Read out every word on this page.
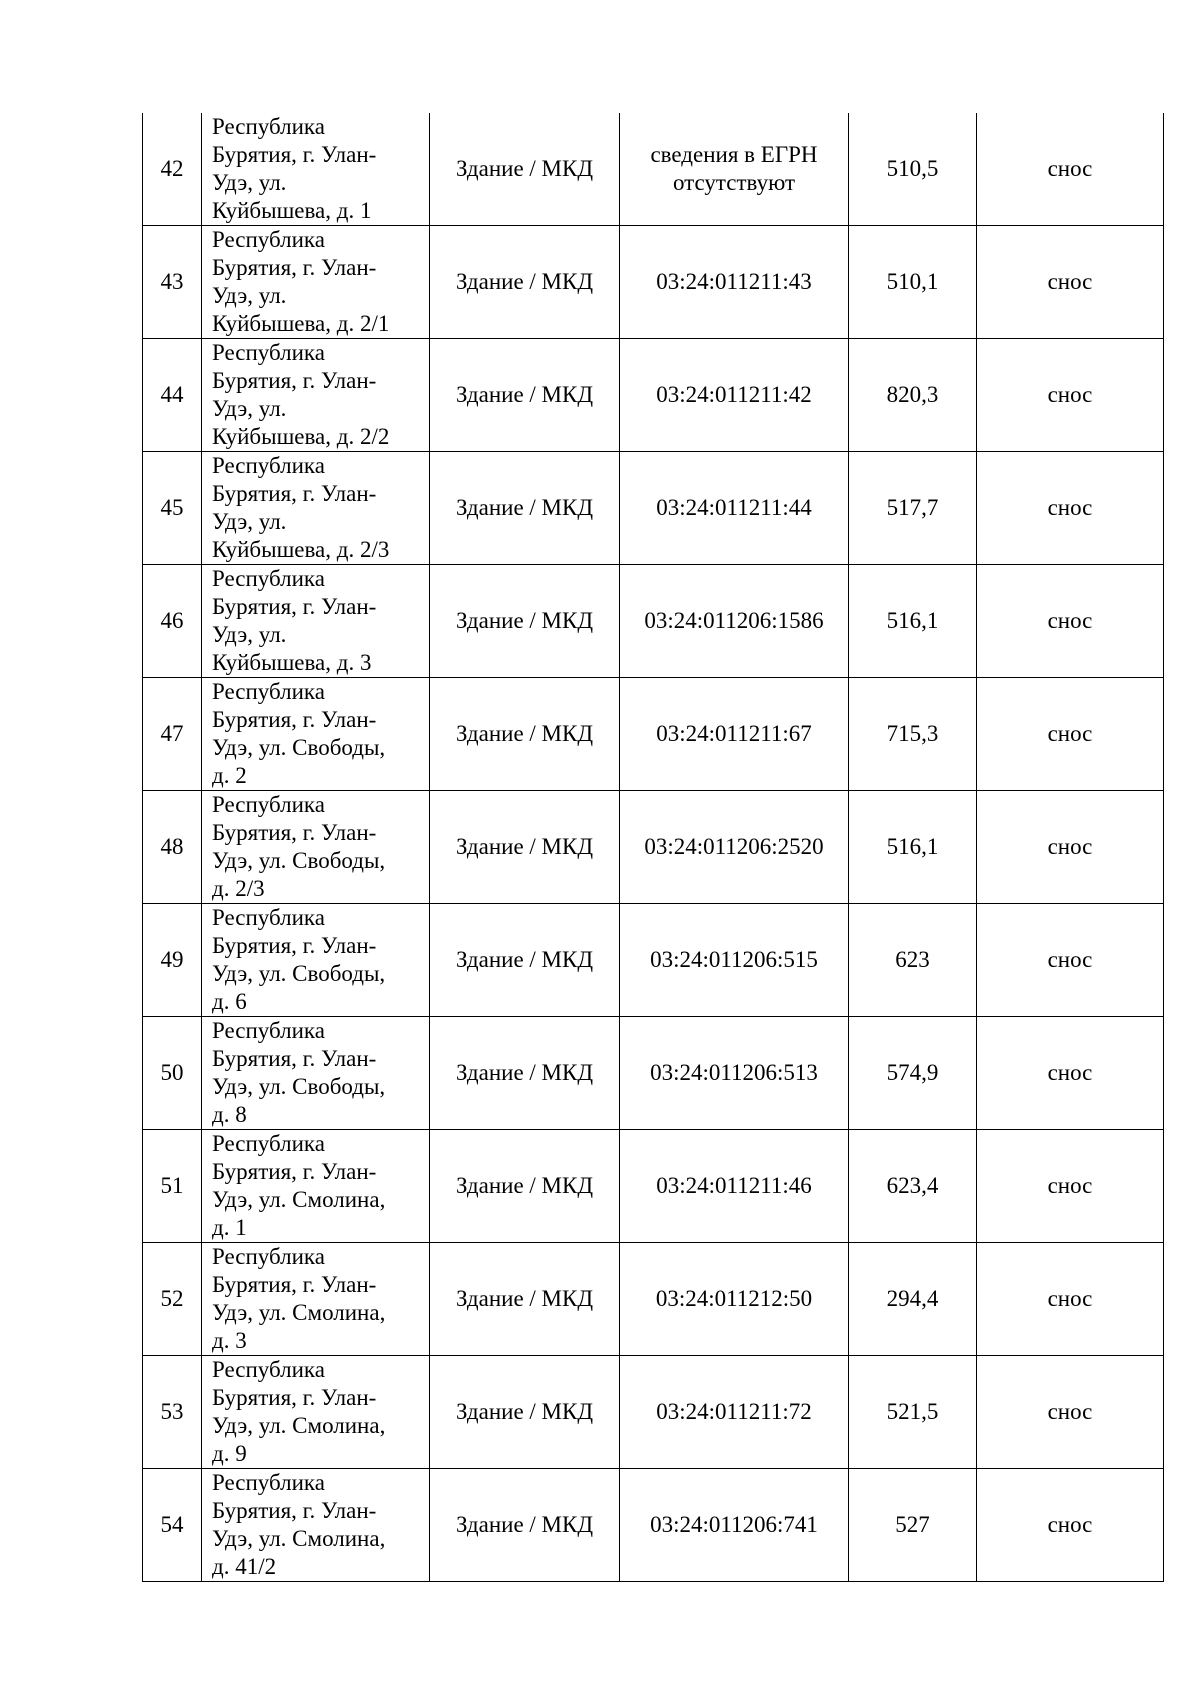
42	Республика
Бурятия, г. Улан-
Удэ, ул.
Куйбышева, д. 1	Здание / МКД	сведения в ЕГРН
отсутствуют	510,5	снос
43	Республика
Бурятия, г. Улан-
Удэ, ул.
Куйбышева, д. 2/1	Здание / МКД	03:24:011211:43	510,1	снос
44	Республика
Бурятия, г. Улан-
Удэ, ул.
Куйбышева, д. 2/2	Здание / МКД	03:24:011211:42	820,3	снос
45	Республика
Бурятия, г. Улан-
Удэ, ул.
Куйбышева, д. 2/3	Здание / МКД	03:24:011211:44	517,7	снос
46	Республика
Бурятия, г. Улан-
Удэ, ул.
Куйбышева, д. 3	Здание / МКД	03:24:011206:1586	516,1	снос
47	Республика
Бурятия, г. Улан-
Удэ, ул. Свободы,
д. 2	Здание / МКД	03:24:011211:67	715,3	снос
48	Республика
Бурятия, г. Улан-
Удэ, ул. Свободы,
д. 2/3	Здание / МКД	03:24:011206:2520	516,1	снос
49	Республика
Бурятия, г. Улан-
Удэ, ул. Свободы,
д. 6	Здание / МКД	03:24:011206:515	623	снос
50	Республика
Бурятия, г. Улан-
Удэ, ул. Свободы,
д. 8	Здание / МКД	03:24:011206:513	574,9	снос
51	Республика
Бурятия, г. Улан-
Удэ, ул. Смолина,
д. 1	Здание / МКД	03:24:011211:46	623,4	снос
52	Республика
Бурятия, г. Улан-
Удэ, ул. Смолина,
д. 3	Здание / МКД	03:24:011212:50	294,4	снос
53	Республика
Бурятия, г. Улан-
Удэ, ул. Смолина,
д. 9	Здание / МКД	03:24:011211:72	521,5	снос
54	Республика
Бурятия, г. Улан-
Удэ, ул. Смолина,
д. 41/2	Здание / МКД	03:24:011206:741	527	снос
